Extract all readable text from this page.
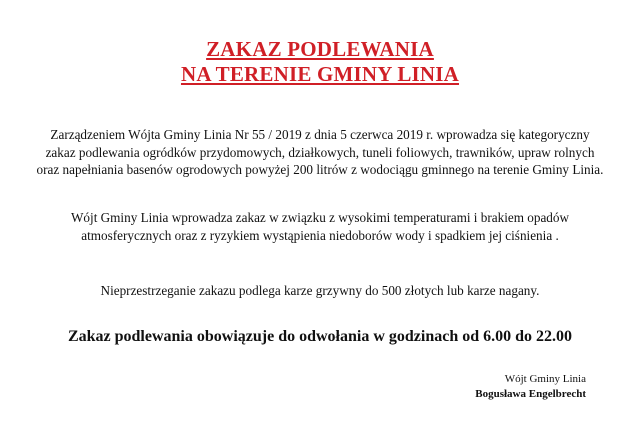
ZAKAZ PODLEWANIA
NA TERENIE GMINY LINIA
Zarządzeniem Wójta Gminy Linia Nr 55 / 2019 z dnia 5 czerwca 2019 r. wprowadza się kategoryczny
zakaz podlewania ogródków przydomowych, działkowych, tuneli foliowych, trawników, upraw rolnych
oraz napełniania basenów ogrodowych powyżej 200 litrów z wodociągu gminnego na terenie Gminy Linia.
Wójt Gminy Linia wprowadza zakaz w związku z wysokimi temperaturami i brakiem opadów
atmosferycznych oraz z ryzykiem wystąpienia niedoborów wody i spadkiem jej ciśnienia .
Nieprzestrzeganie zakazu podlega karze grzywny do 500 złotych lub karze nagany.
Zakaz podlewania obowiązuje do odwołania w godzinach od 6.00 do 22.00
Wójt Gminy Linia
Bogusława Engelbrecht
